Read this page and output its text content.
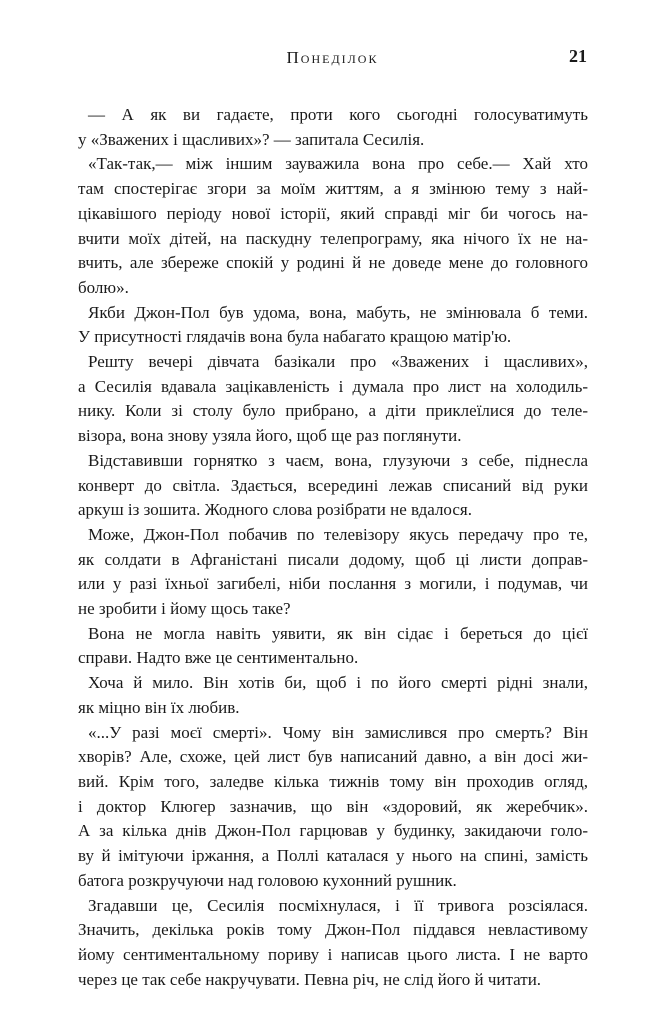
Понеділок	21
— А як ви гадаєте, проти кого сьогодні голосуватимуть
у «Зважених і щасливих»? — запитала Сесилія.
«Так-так,— між іншим зауважила вона про себе.— Хай хто
там спостерігає згори за моїм життям, а я змінюю тему з най-
цікавішого періоду нової історії, який справді міг би чогось на-
вчити моїх дітей, на паскудну телепрограму, яка нічого їх не на-
вчить, але збереже спокій у родині й не доведе мене до головного
болю».
Якби Джон-Пол був удома, вона, мабуть, не змінювала б теми.
У присутності глядачів вона була набагато кращою матір'ю.
Решту вечері дівчата базікали про «Зважених і щасливих»,
а Сесилія вдавала зацікавленість і думала про лист на холодиль-
нику. Коли зі столу було прибрано, а діти приклеїлися до теле-
візора, вона знову узяла його, щоб ще раз поглянути.
Відставивши горнятко з чаєм, вона, глузуючи з себе, піднесла
конверт до світла. Здається, всередині лежав списаний від руки
аркуш із зошита. Жодного слова розібрати не вдалося.
Може, Джон-Пол побачив по телевізору якусь передачу про те,
як солдати в Афганістані писали додому, щоб ці листи доправ-
или у разі їхньої загибелі, ніби послання з могили, і подумав, чи
не зробити і йому щось таке?
Вона не могла навіть уявити, як він сідає і береться до цієї
справи. Надто вже це сентиментально.
Хоча й мило. Він хотів би, щоб і по його смерті рідні знали,
як міцно він їх любив.
«...У разі моєї смерті». Чому він замислився про смерть? Він
хворів? Але, схоже, цей лист був написаний давно, а він досі жи-
вий. Крім того, заледве кілька тижнів тому він проходив огляд,
і доктор Клюгер зазначив, що він «здоровий, як жеребчик».
А за кілька днів Джон-Пол гарцював у будинку, закидаючи голо-
ву й імітуючи іржання, а Поллі каталася у нього на спині, замість
батога розкручуючи над головою кухонний рушник.
Згадавши це, Сесилія посміхнулася, і її тривога розсіялася.
Значить, декілька років тому Джон-Пол піддався невластивому
йому сентиментальному пориву і написав цього листа. І не варто
через це так себе накручувати. Певна річ, не слід його й читати.
